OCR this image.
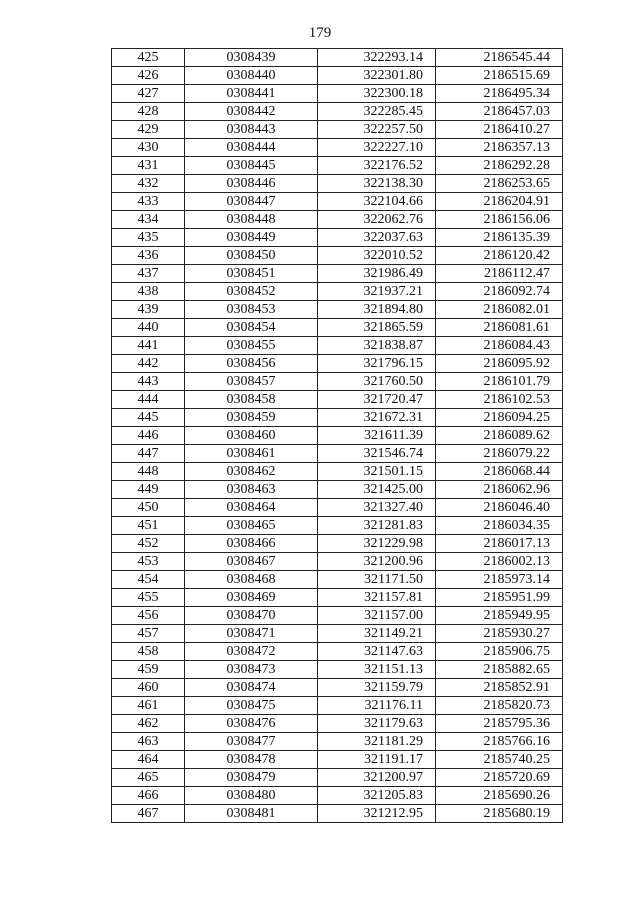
179
425	0308439	322293.14	2186545.44
426	0308440	322301.80	2186515.69
427	0308441	322300.18	2186495.34
428	0308442	322285.45	2186457.03
429	0308443	322257.50	2186410.27
430	0308444	322227.10	2186357.13
431	0308445	322176.52	2186292.28
432	0308446	322138.30	2186253.65
433	0308447	322104.66	2186204.91
434	0308448	322062.76	2186156.06
435	0308449	322037.63	2186135.39
436	0308450	322010.52	2186120.42
437	0308451	321986.49	2186112.47
438	0308452	321937.21	2186092.74
439	0308453	321894.80	2186082.01
440	0308454	321865.59	2186081.61
441	0308455	321838.87	2186084.43
442	0308456	321796.15	2186095.92
443	0308457	321760.50	2186101.79
444	0308458	321720.47	2186102.53
445	0308459	321672.31	2186094.25
446	0308460	321611.39	2186089.62
447	0308461	321546.74	2186079.22
448	0308462	321501.15	2186068.44
449	0308463	321425.00	2186062.96
450	0308464	321327.40	2186046.40
451	0308465	321281.83	2186034.35
452	0308466	321229.98	2186017.13
453	0308467	321200.96	2186002.13
454	0308468	321171.50	2185973.14
455	0308469	321157.81	2185951.99
456	0308470	321157.00	2185949.95
457	0308471	321149.21	2185930.27
458	0308472	321147.63	2185906.75
459	0308473	321151.13	2185882.65
460	0308474	321159.79	2185852.91
461	0308475	321176.11	2185820.73
462	0308476	321179.63	2185795.36
463	0308477	321181.29	2185766.16
464	0308478	321191.17	2185740.25
465	0308479	321200.97	2185720.69
466	0308480	321205.83	2185690.26
467	0308481	321212.95	2185680.19
